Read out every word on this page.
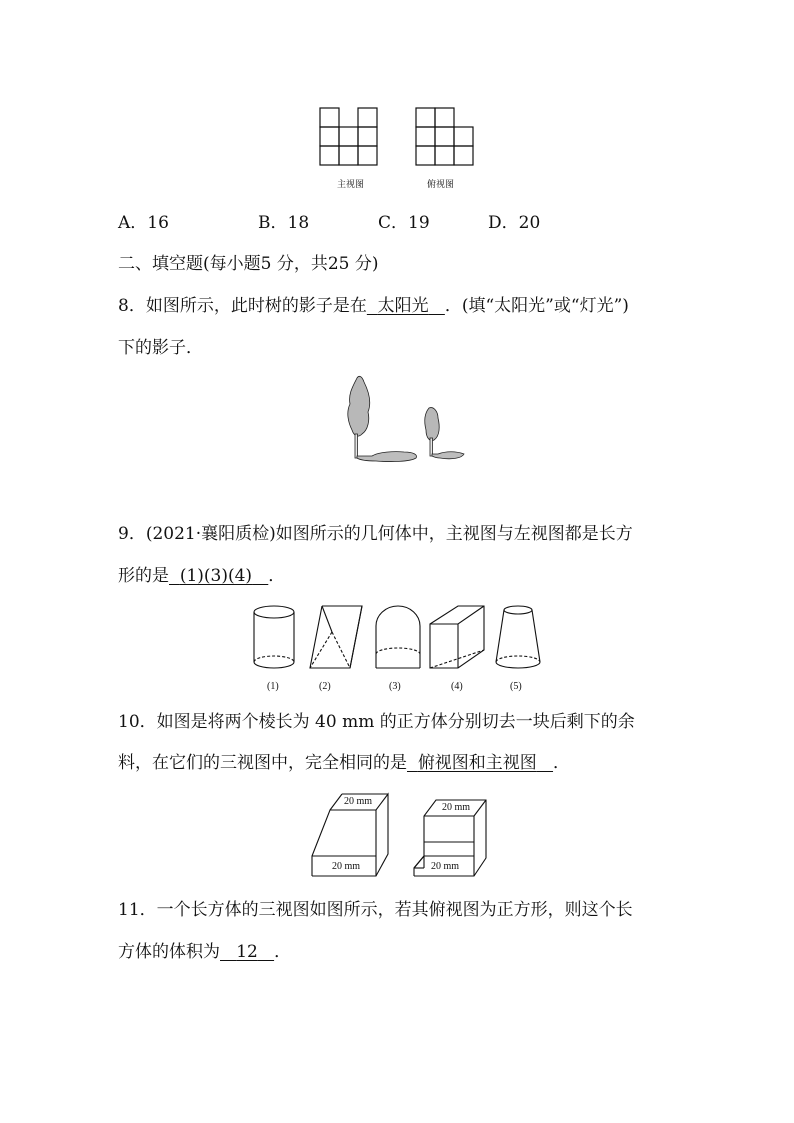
主视图	俯视图
A．16	B．18	C．19	D．20
二、填空题(每小题5 分，共25 分)
8．如图所示，此时树的影子是在 太阳光 ．(填“太阳光”或“灯光”)
下的影子．
9．(2021·襄阳质检)如图所示的几何体中，主视图与左视图都是长方
形的是 (1)(3)(4) ．
(1)	(2)	(3)	(4)	(5)
10．如图是将两个棱长为 40 mm 的正方体分别切去一块后剩下的余
料，在它们的三视图中，完全相同的是 俯视图和主视图 ．
20 mm
20 mm
20 mm
20 mm
11．一个长方体的三视图如图所示，若其俯视图为正方形，则这个长
方体的体积为 12 ．
